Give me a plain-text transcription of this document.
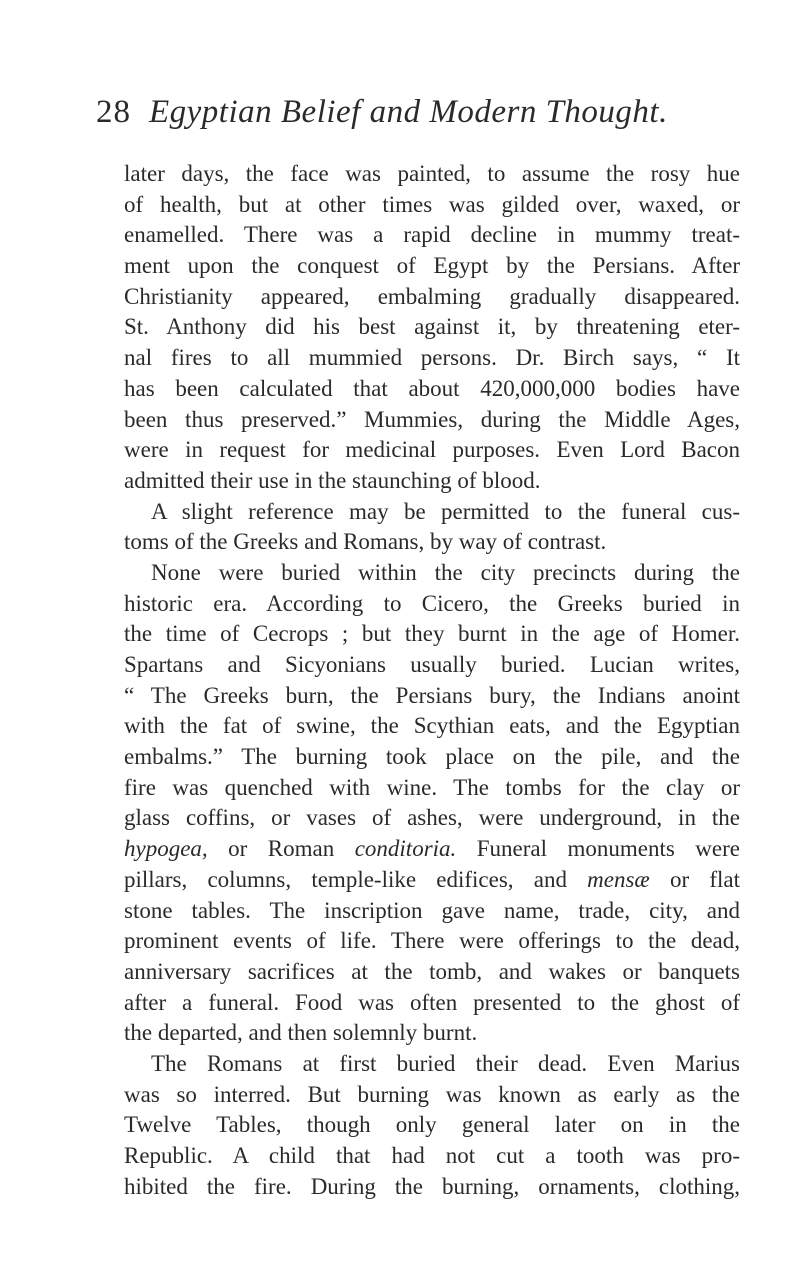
28 Egyptian Belief and Modern Thought.
later days, the face was painted, to assume the rosy hue
of health, but at other times was gilded over, waxed, or
enamelled. There was a rapid decline in mummy treat-
ment upon the conquest of Egypt by the Persians. After
Christianity appeared, embalming gradually disappeared.
St. Anthony did his best against it, by threatening eter-
nal fires to all mummied persons. Dr. Birch says, “ It
has been calculated that about 420,000,000 bodies have
been thus preserved.” Mummies, during the Middle Ages,
were in request for medicinal purposes. Even Lord Bacon
admitted their use in the staunching of blood.
A slight reference may be permitted to the funeral cus-
toms of the Greeks and Romans, by way of contrast.
None were buried within the city precincts during the
historic era. According to Cicero, the Greeks buried in
the time of Cecrops ; but they burnt in the age of Homer.
Spartans and Sicyonians usually buried. Lucian writes,
“ The Greeks burn, the Persians bury, the Indians anoint
with the fat of swine, the Scythian eats, and the Egyptian
embalms.” The burning took place on the pile, and the
fire was quenched with wine. The tombs for the clay or
glass coffins, or vases of ashes, were underground, in the
hypogea, or Roman conditoria. Funeral monuments were
pillars, columns, temple-like edifices, and mensæ or flat
stone tables. The inscription gave name, trade, city, and
prominent events of life. There were offerings to the dead,
anniversary sacrifices at the tomb, and wakes or banquets
after a funeral. Food was often presented to the ghost of
the departed, and then solemnly burnt.
The Romans at first buried their dead. Even Marius
was so interred. But burning was known as early as the
Twelve Tables, though only general later on in the
Republic. A child that had not cut a tooth was pro-
hibited the fire. During the burning, ornaments, clothing,
